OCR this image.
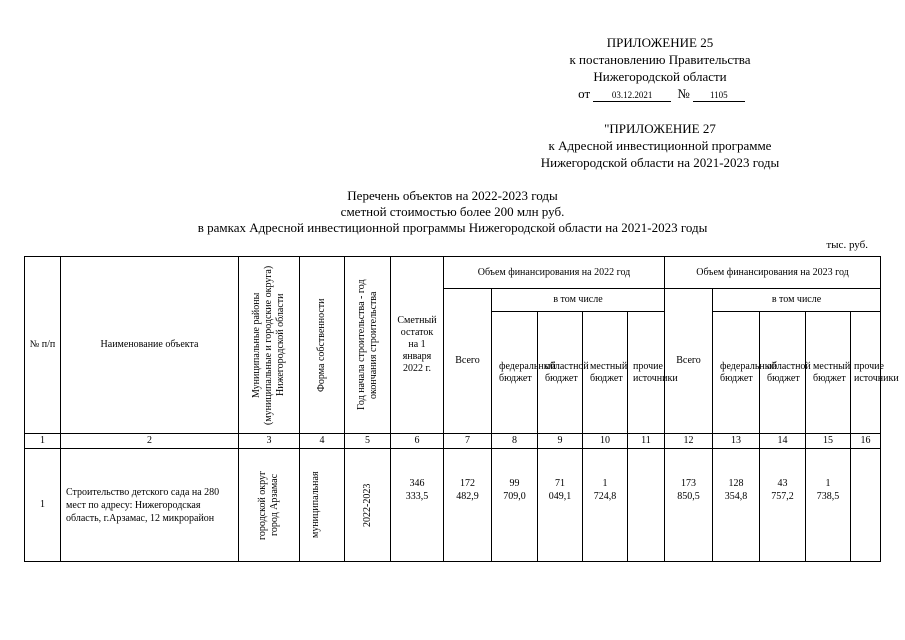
ПРИЛОЖЕНИЕ 25
к постановлению Правительства
Нижегородской области
от 03.12.2021 № 1105
"ПРИЛОЖЕНИЕ 27
к Адресной инвестиционной программе
Нижегородской области на 2021-2023 годы
Перечень объектов на 2022-2023 годы
сметной стоимостью более 200 млн руб.
в рамках Адресной инвестиционной программы Нижегородской области на 2021-2023 годы
тыс. руб.
№ п/п	Наименование объекта	Муниципальные районы (муниципальные и городские округа) Нижегородской области	Форма собственности	Год начала строительства - год окончания строительства	Сметный остаток на 1 января 2022 г.	Объем финансирования на 2022 год					Объем финансирования на 2023 год				
						Всего	в том числе				Всего	в том числе			
							федеральный бюджет	областной бюджет	местный бюджет	прочие источники		федеральный бюджет	областной бюджет	местный бюджет	прочие источники
1	2	3	4	5	6	7	8	9	10	11	12	13	14	15	16
1	Строительство детского сада на 280 мест по адресу: Нижегородская область, г.Арзамас, 12 микрорайон	городской округ город Арзамас	муниципальная	2022-2023	346 333,5	172 482,9	99 709,0	71 049,1	1 724,8		173 850,5	128 354,8	43 757,2	1 738,5	
